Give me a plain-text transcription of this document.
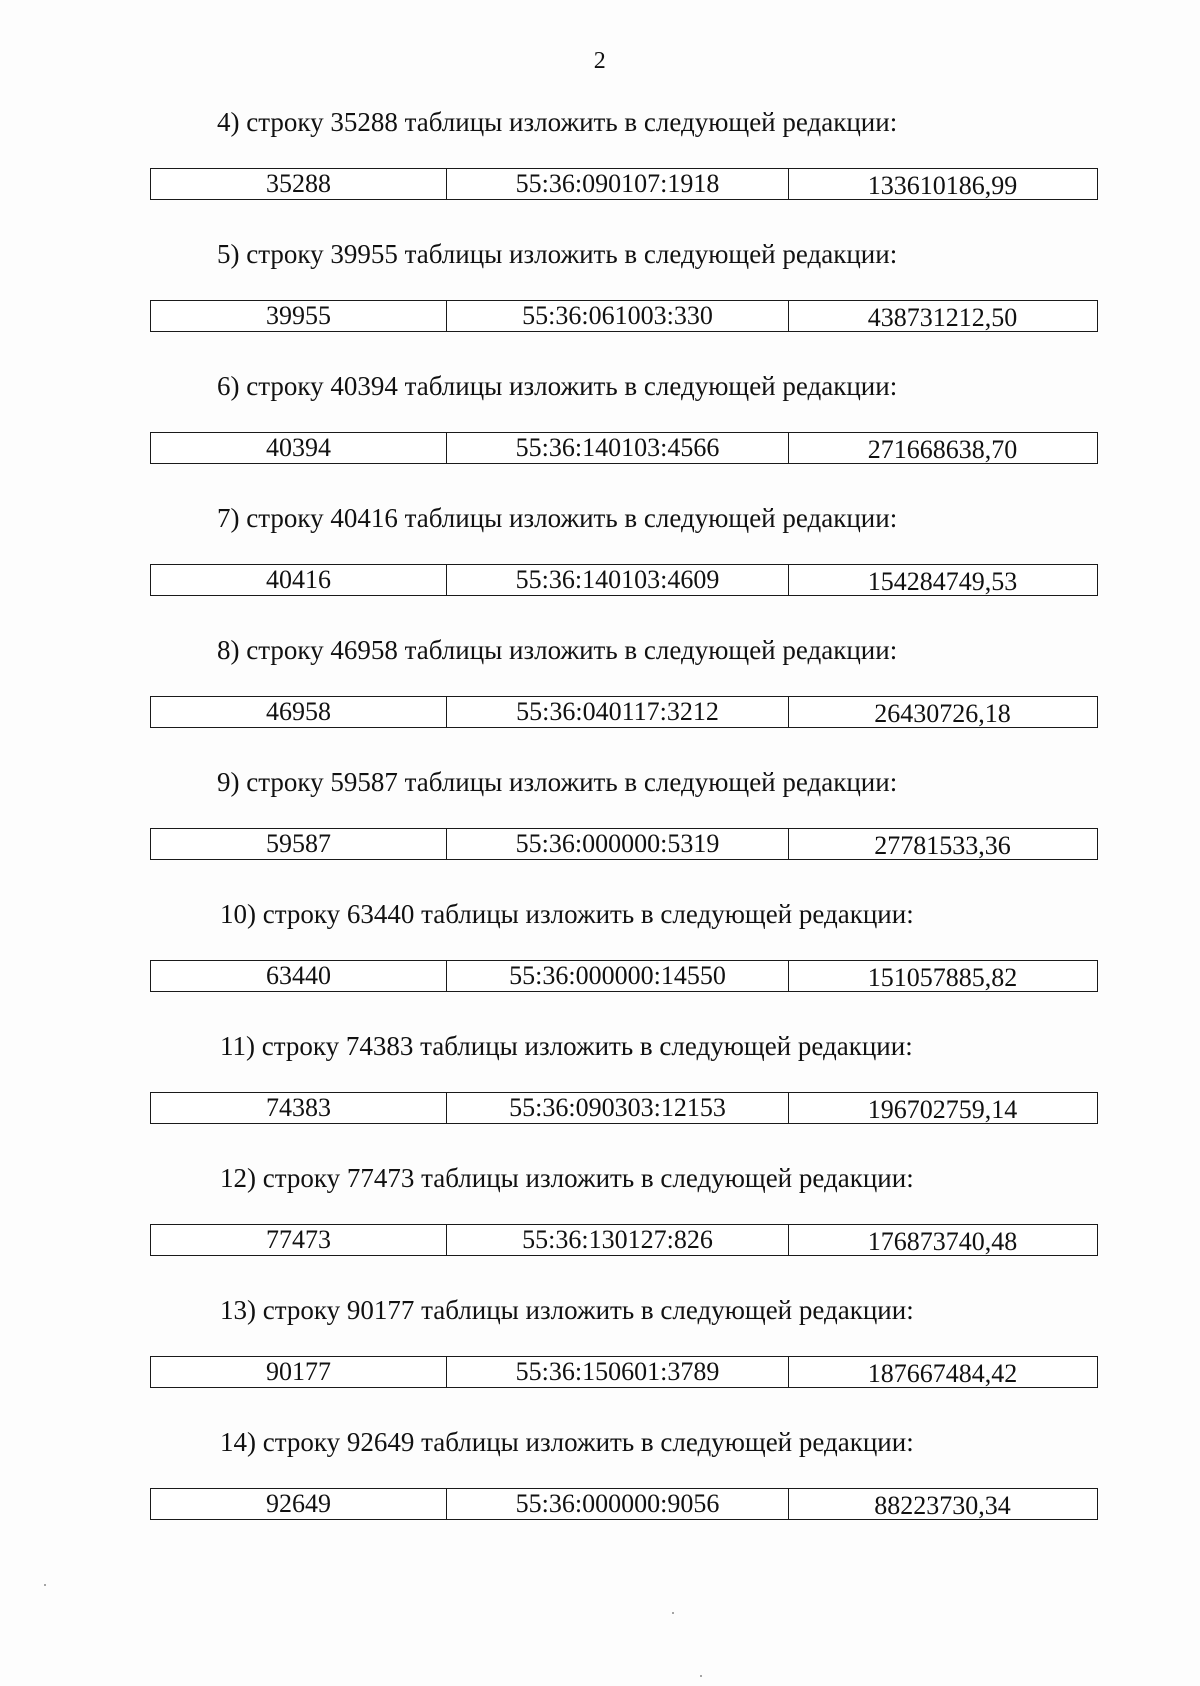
2
4) строку 35288 таблицы изложить в следующей редакции:
35288	55:36:090107:1918	133610186,99
5) строку 39955 таблицы изложить в следующей редакции:
39955	55:36:061003:330	438731212,50
6) строку 40394 таблицы изложить в следующей редакции:
40394	55:36:140103:4566	271668638,70
7) строку 40416 таблицы изложить в следующей редакции:
40416	55:36:140103:4609	154284749,53
8) строку 46958 таблицы изложить в следующей редакции:
46958	55:36:040117:3212	26430726,18
9) строку 59587 таблицы изложить в следующей редакции:
59587	55:36:000000:5319	27781533,36
10) строку 63440 таблицы изложить в следующей редакции:
63440	55:36:000000:14550	151057885,82
11) строку 74383 таблицы изложить в следующей редакции:
74383	55:36:090303:12153	196702759,14
12) строку 77473 таблицы изложить в следующей редакции:
77473	55:36:130127:826	176873740,48
13) строку 90177 таблицы изложить в следующей редакции:
90177	55:36:150601:3789	187667484,42
14) строку 92649 таблицы изложить в следующей редакции:
92649	55:36:000000:9056	88223730,34
